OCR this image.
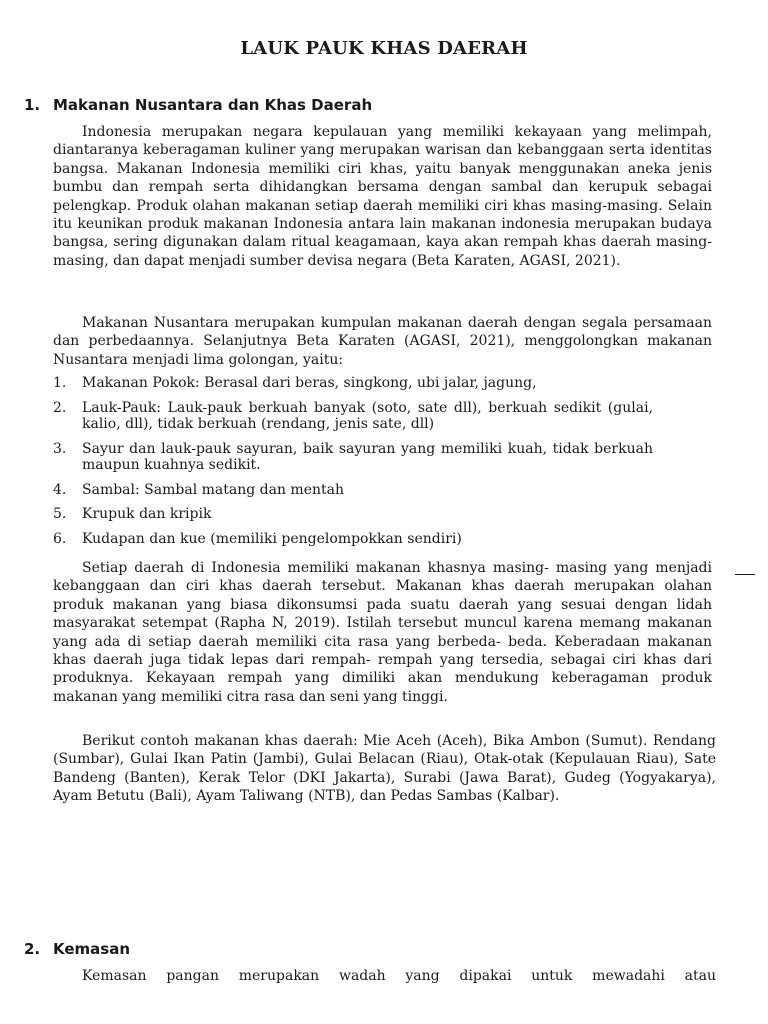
LAUK PAUK KHAS DAERAH
1. Makanan Nusantara dan Khas Daerah

Indonesia merupakan negara kepulauan yang memiliki kekayaan yang melimpah, diantaranya keberagaman kuliner yang merupakan warisan dan kebanggaan serta identitas bangsa. Makanan Indonesia memiliki ciri khas, yaitu banyak menggunakan aneka jenis bumbu dan rempah serta dihidangkan bersama dengan sambal dan kerupuk sebagai pelengkap. Produk olahan makanan setiap daerah memiliki ciri khas masing-masing. Selain itu keunikan produk makanan Indonesia antara lain makanan indonesia merupakan budaya bangsa, sering digunakan dalam ritual keagamaan, kaya akan rempah khas daerah masing-masing, dan dapat menjadi sumber devisa negara (Beta Karaten, AGASI, 2021).

Makanan Nusantara merupakan kumpulan makanan daerah dengan segala persamaan dan perbedaannya. Selanjutnya Beta Karaten (AGASI, 2021), menggolongkan makanan Nusantara menjadi lima golongan, yaitu:

1. Makanan Pokok: Berasal dari beras, singkong, ubi jalar, jagung,
2. Lauk-Pauk: Lauk-pauk berkuah banyak (soto, sate dll), berkuah sedikit (gulai, kalio, dll), tidak berkuah (rendang, jenis sate, dll)
3. Sayur dan lauk-pauk sayuran, baik sayuran yang memiliki kuah, tidak berkuah maupun kuahnya sedikit.
4. Sambal: Sambal matang dan mentah
5. Krupuk dan kripik
6. Kudapan dan kue (memiliki pengelompokkan sendiri)

Setiap daerah di Indonesia memiliki makanan khasnya masing- masing yang menjadi kebanggaan dan ciri khas daerah tersebut. Makanan khas daerah merupakan olahan produk makanan yang biasa dikonsumsi pada suatu daerah yang sesuai dengan lidah masyarakat setempat (Rapha N, 2019). Istilah tersebut muncul karena memang makanan yang ada di setiap daerah memiliki cita rasa yang berbeda- beda. Keberadaan makanan khas daerah juga tidak lepas dari rempah- rempah yang tersedia, sebagai ciri khas dari produknya. Kekayaan rempah yang dimiliki akan mendukung keberagaman produk makanan yang memiliki citra rasa dan seni yang tinggi.

Berikut contoh makanan khas daerah: Mie Aceh (Aceh), Bika Ambon (Sumut). Rendang (Sumbar), Gulai Ikan Patin (Jambi), Gulai Belacan (Riau), Otak-otak (Kepulauan Riau), Sate Bandeng (Banten), Kerak Telor (DKI Jakarta), Surabi (Jawa Barat), Gudeg (Yogyakarya), Ayam Betutu (Bali), Ayam Taliwang (NTB), dan Pedas Sambas (Kalbar).

2. Kemasan

Kemasan pangan merupakan wadah yang dipakai untuk mewadahi atau
